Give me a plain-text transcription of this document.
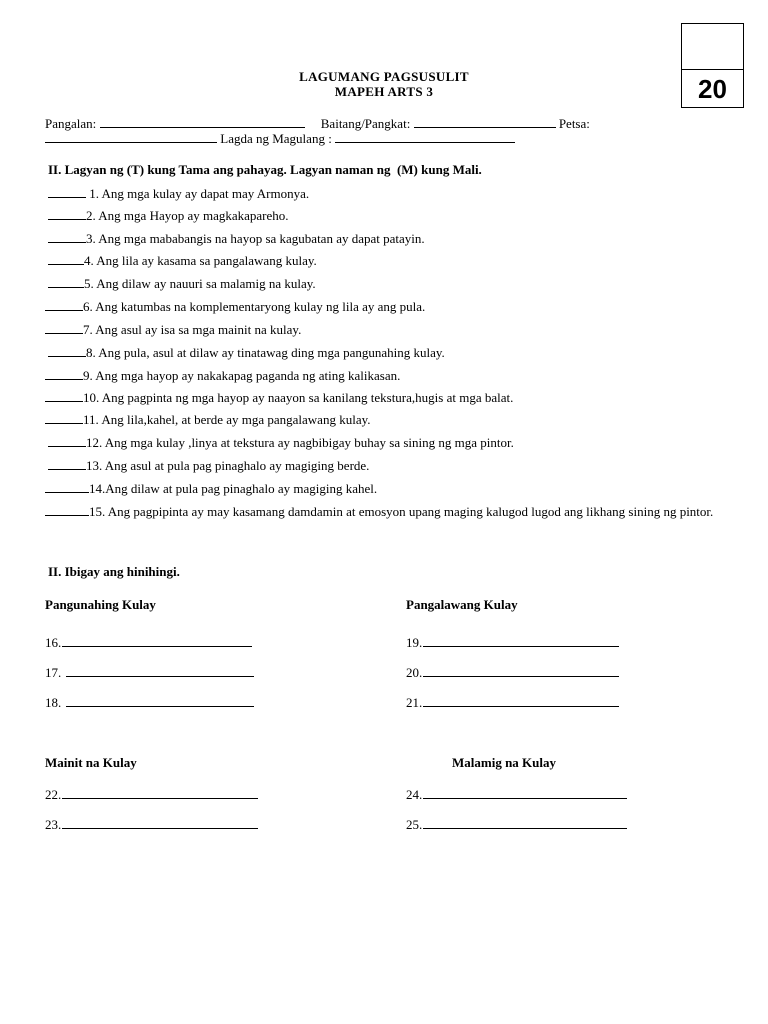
20
LAGUMANG PAGSUSULIT
MAPEH ARTS 3
Pangalan:	Baitang/Pangkat:	Petsa:
Lagda ng Magulang :
II. Lagyan ng (T) kung Tama ang pahayag. Lagyan naman ng  (M) kung Mali.
1. Ang mga kulay ay dapat may Armonya.
2. Ang mga Hayop ay magkakapareho.
3. Ang mga mababangis na hayop sa kagubatan ay dapat patayin.
4. Ang lila ay kasama sa pangalawang kulay.
5. Ang dilaw ay nauuri sa malamig na kulay.
6. Ang katumbas na komplementaryong kulay ng lila ay ang pula.
7. Ang asul ay isa sa mga mainit na kulay.
8. Ang pula, asul at dilaw ay tinatawag ding mga pangunahing kulay.
9. Ang mga hayop ay nakakapag paganda ng ating kalikasan.
10. Ang pagpinta ng mga hayop ay naayon sa kanilang tekstura,hugis at mga balat.
11. Ang lila,kahel, at berde ay mga pangalawang kulay.
12. Ang mga kulay ,linya at tekstura ay nagbibigay buhay sa sining ng mga pintor.
13. Ang asul at pula pag pinaghalo ay magiging berde.
14.Ang dilaw at pula pag pinaghalo ay magiging kahel.
15. Ang pagpipinta ay may kasamang damdamin at emosyon upang maging kalugod lugod ang likhang sining ng pintor.
II. Ibigay ang hinihingi.
Pangunahing Kulay	Pangalawang Kulay
16.
17.
18.
19.
20.
21.
Mainit na Kulay	Malamig na Kulay
22.
23.
24.
25.
